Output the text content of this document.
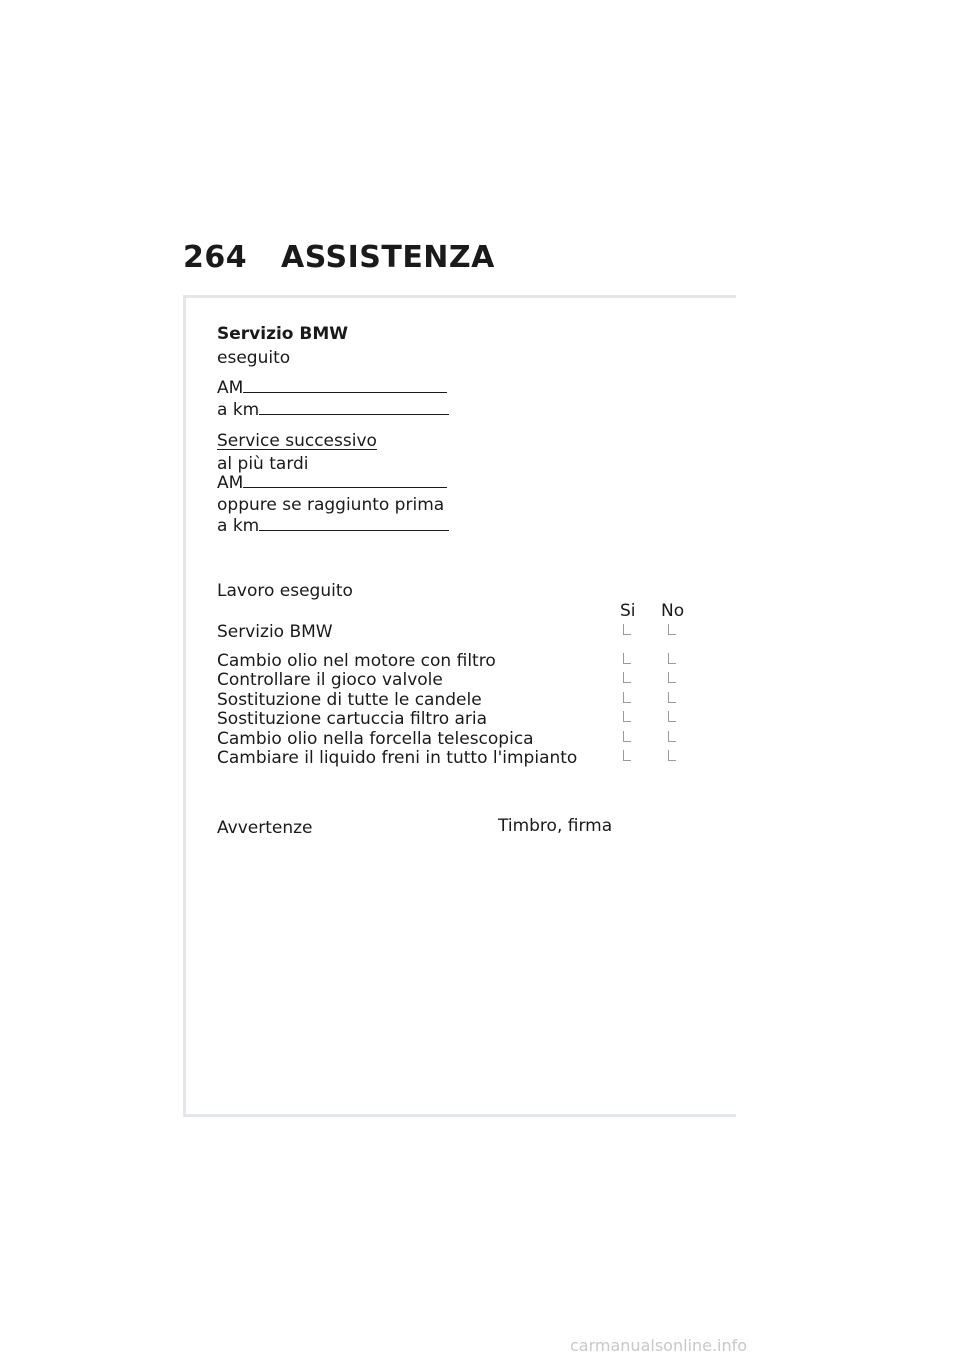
264 ASSISTENZA
Servizio BMW
eseguito
AM
a km
Service successivo
al più tardi
AM
oppure se raggiunto prima
a km
Lavoro eseguito
Si No
Servizio BMW
Cambio olio nel motore con filtro
Controllare il gioco valvole
Sostituzione di tutte le candele
Sostituzione cartuccia filtro aria
Cambio olio nella forcella telescopica
Cambiare il liquido freni in tutto l'impianto
Avvertenze	Timbro, firma
carmanualsonline.info
